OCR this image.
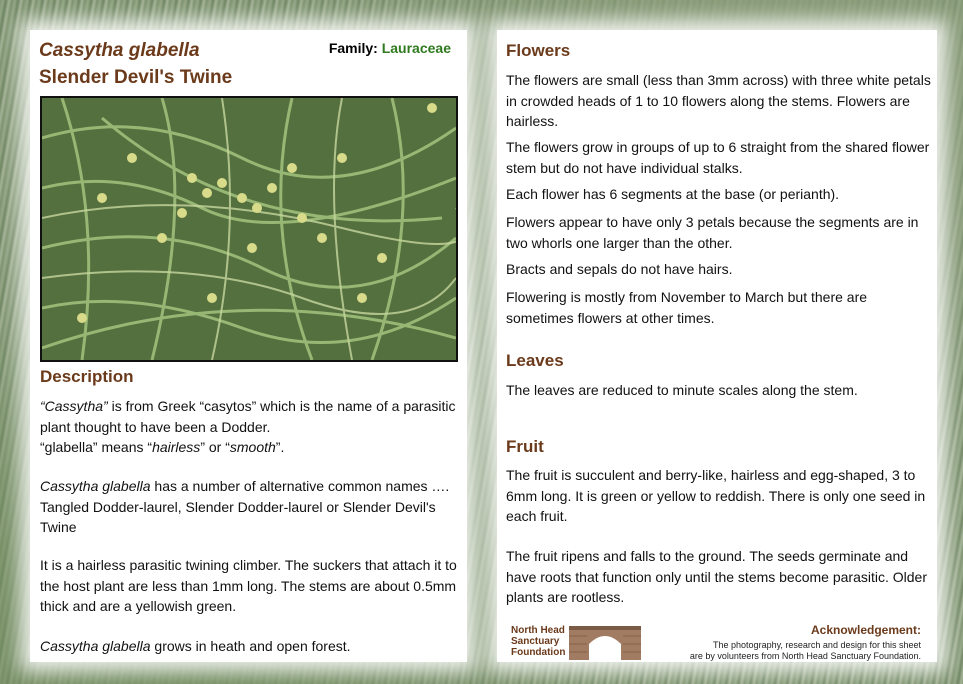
Cassytha glabella
Slender Devil's Twine
Family: Lauraceae
Description
“Cassytha” is from Greek “casytos” which is the name of a parasitic plant thought to have been a Dodder.
“glabella” means “hairless” or “smooth”.
Cassytha glabella has a number of alternative common names …. Tangled Dodder-laurel, Slender Dodder-laurel or Slender Devil's Twine
It is a hairless parasitic twining climber. The suckers that attach it to the host plant are less than 1mm long. The stems are about 0.5mm thick and are a yellowish green.
Cassytha glabella grows in heath and open forest.
Flowers
The flowers are small (less than 3mm across) with three white petals in crowded heads of 1 to 10 flowers along the stems. Flowers are hairless.
The flowers grow in groups of up to 6 straight from the shared flower stem but do not have individual stalks.
Each flower has 6 segments at the base (or perianth).
Flowers appear to have only 3 petals because the segments are in two whorls one larger than the other.
Bracts and sepals do not have hairs.
Flowering is mostly from November to March but there are sometimes flowers at other times.
Leaves
The leaves are reduced to minute scales along the stem.
Fruit
The fruit is succulent and berry-like, hairless and egg-shaped, 3 to 6mm long. It is green or yellow to reddish. There is only one seed in each fruit.
The fruit ripens and falls to the ground. The seeds germinate and have roots that function only until the stems become parasitic. Older plants are rootless.
North Head
Sanctuary
Foundation
Acknowledgement:
The photography, research and design for this sheet
are by volunteers from North Head Sanctuary Foundation.
